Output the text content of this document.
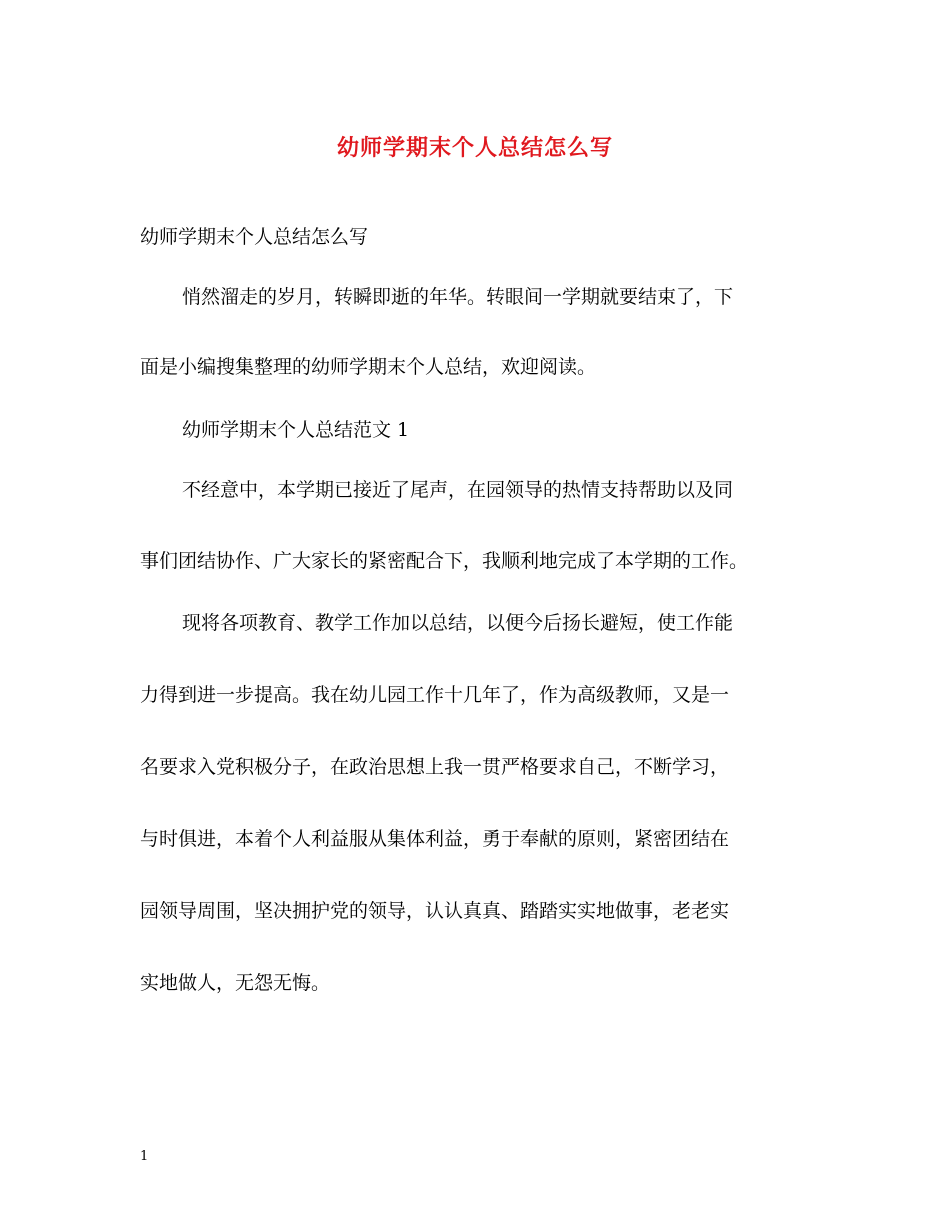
幼师学期末个人总结怎么写
幼师学期末个人总结怎么写
悄然溜走的岁月，转瞬即逝的年华。转眼间一学期就要结束了，下
面是小编搜集整理的幼师学期末个人总结，欢迎阅读。
幼师学期末个人总结范文 1
不经意中，本学期已接近了尾声，在园领导的热情支持帮助以及同
事们团结协作、广大家长的紧密配合下，我顺利地完成了本学期的工作。
现将各项教育、教学工作加以总结，以便今后扬长避短，使工作能
力得到进一步提高。我在幼儿园工作十几年了，作为高级教师，又是一
名要求入党积极分子，在政治思想上我一贯严格要求自己，不断学习，
与时俱进，本着个人利益服从集体利益，勇于奉献的原则，紧密团结在
园领导周围，坚决拥护党的领导，认认真真、踏踏实实地做事，老老实
实地做人，无怨无悔。
1
